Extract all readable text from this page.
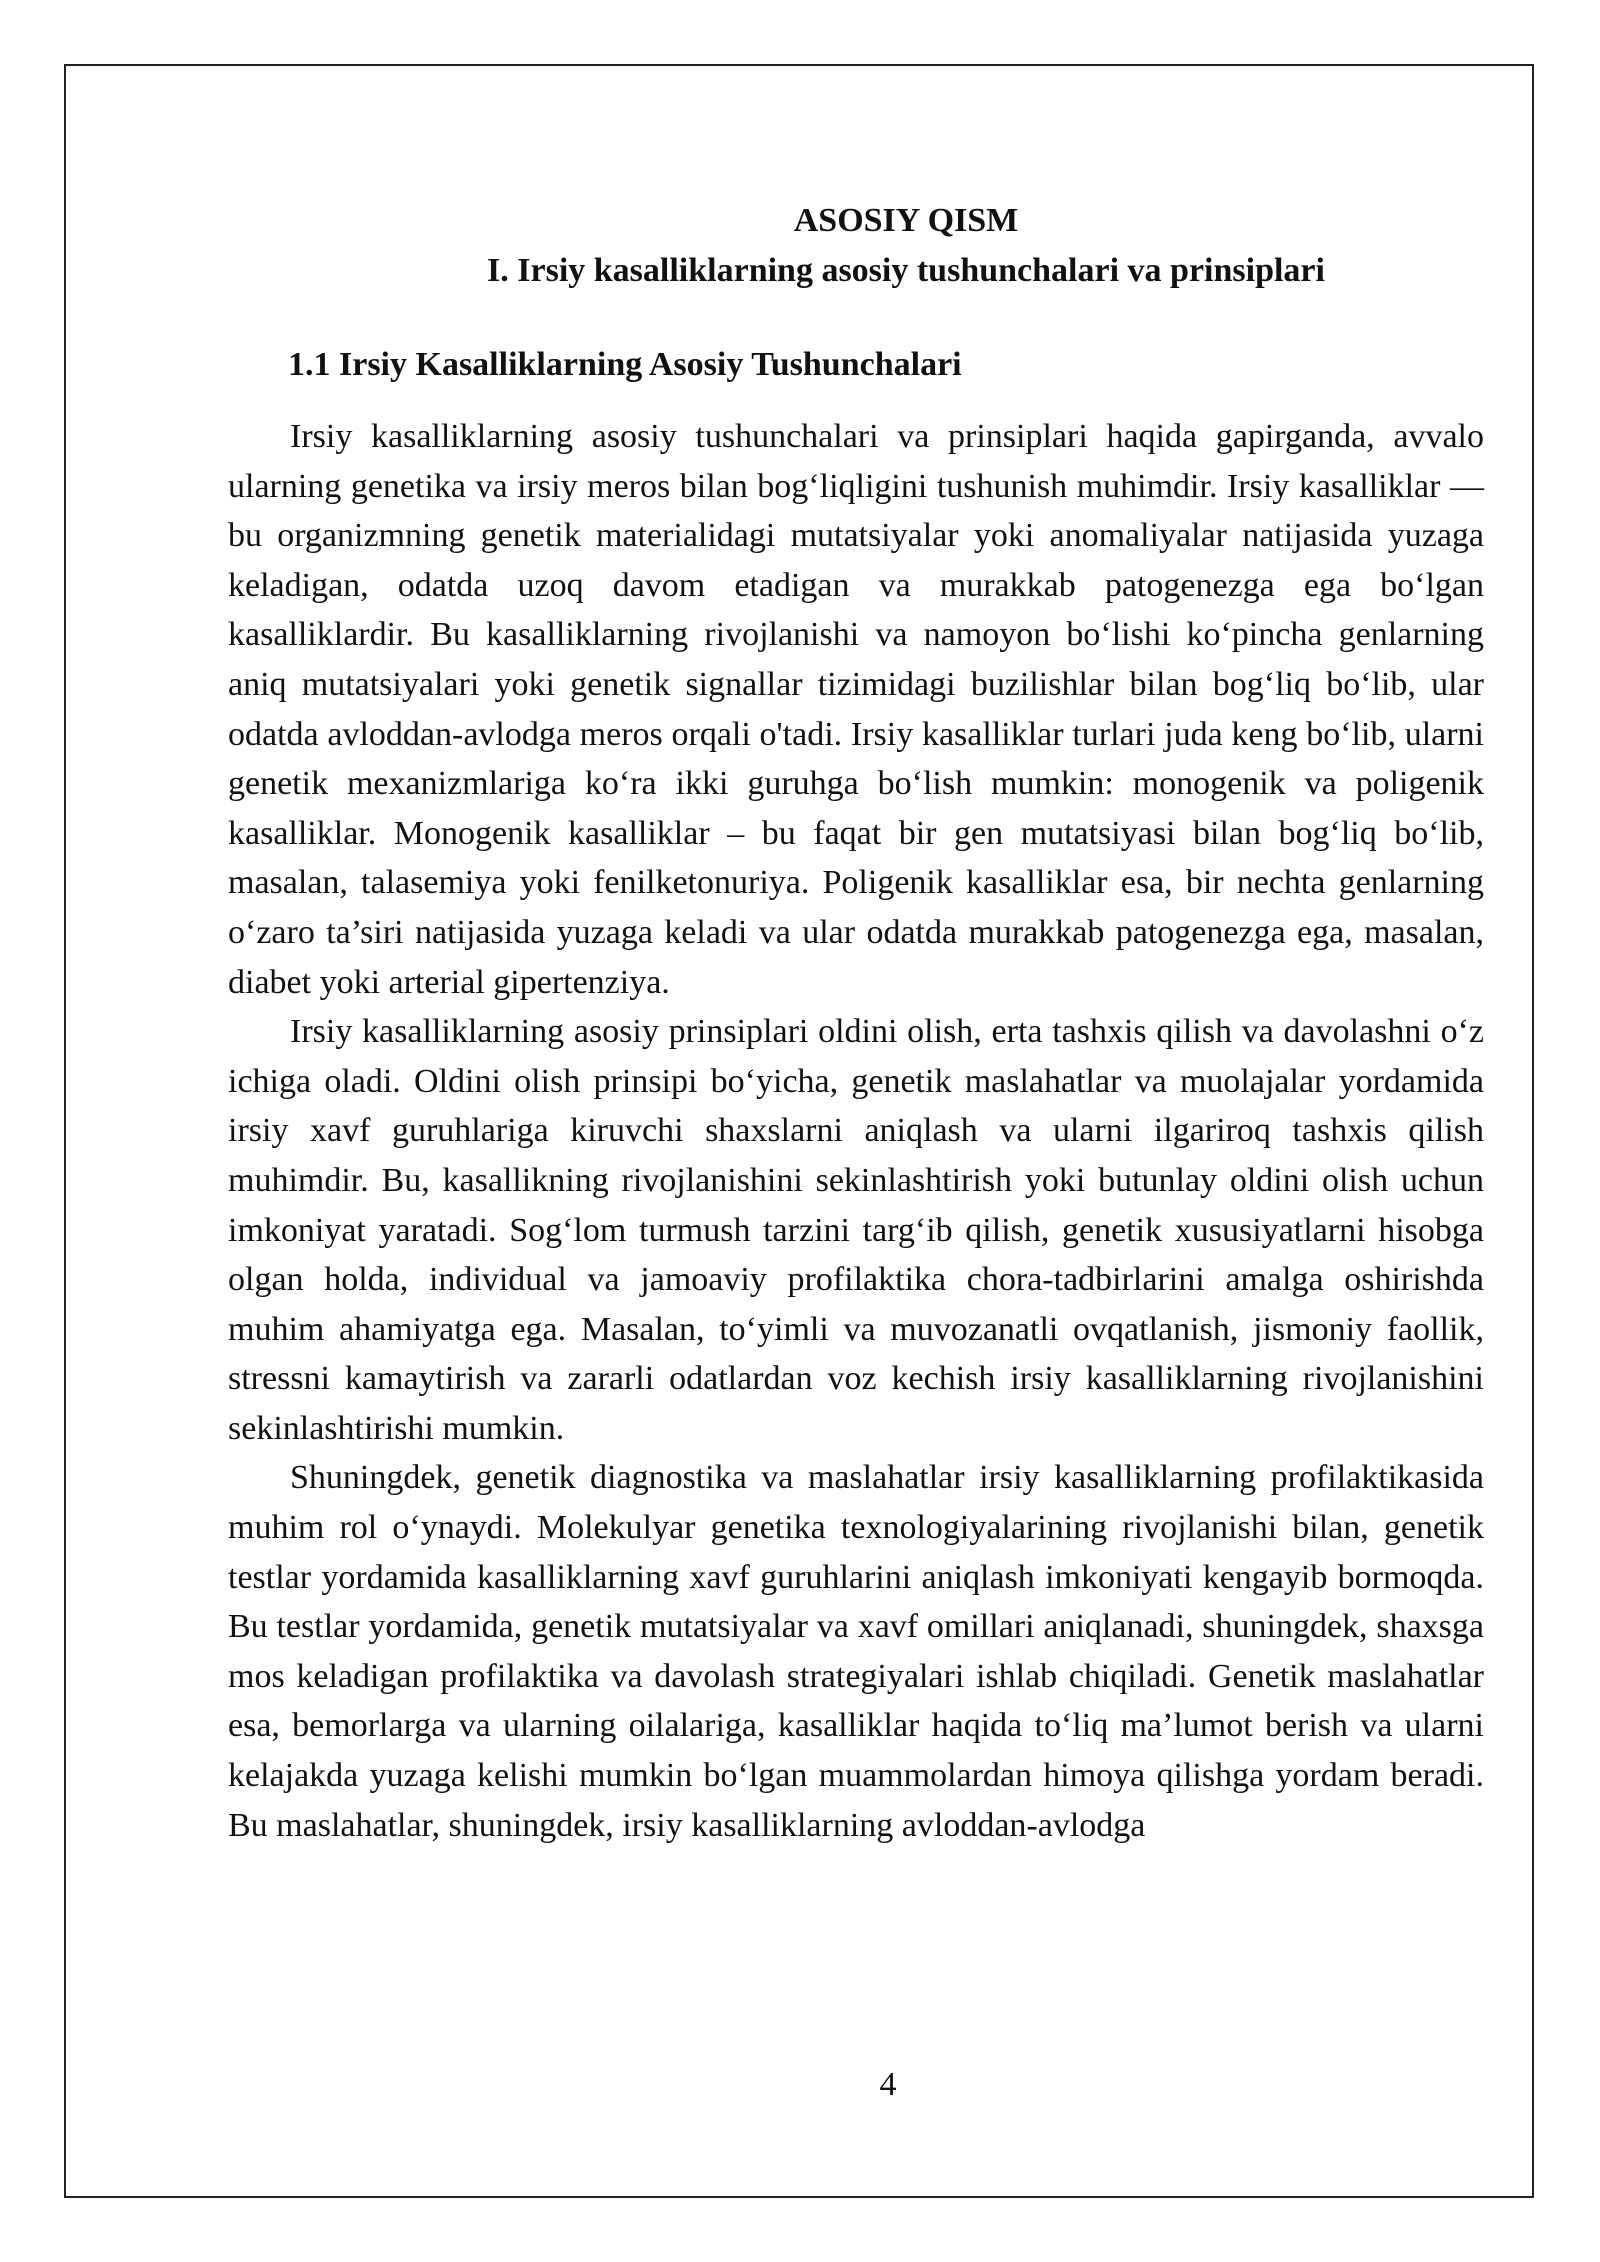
ASOSIY QISM
I. Irsiy kasalliklarning asosiy tushunchalari va prinsiplari
1.1 Irsiy Kasalliklarning Asosiy Tushunchalari

Irsiy kasalliklarning asosiy tushunchalari va prinsiplari haqida gapirganda, avvalo ularning genetika va irsiy meros bilan bog‘liqligini tushunish muhimdir. Irsiy kasalliklar — bu organizmning genetik materialidagi mutatsiyalar yoki anomaliyalar natijasida yuzaga keladigan, odatda uzoq davom etadigan va murakkab patogenezga ega bo‘lgan kasalliklardir. Bu kasalliklarning rivojlanishi va namoyon bo‘lishi ko‘pincha genlarning aniq mutatsiyalari yoki genetik signallar tizimidagi buzilishlar bilan bog‘liq bo‘lib, ular odatda avloddan-avlodga meros orqali o'tadi. Irsiy kasalliklar turlari juda keng bo‘lib, ularni genetik mexanizmlariga ko‘ra ikki guruhga bo‘lish mumkin: monogenik va poligenik kasalliklar. Monogenik kasalliklar – bu faqat bir gen mutatsiyasi bilan bog‘liq bo‘lib, masalan, talasemiya yoki fenilketonuriya. Poligenik kasalliklar esa, bir nechta genlarning o‘zaro ta’siri natijasida yuzaga keladi va ular odatda murakkab patogenezga ega, masalan, diabet yoki arterial gipertenziya.

Irsiy kasalliklarning asosiy prinsiplari oldini olish, erta tashxis qilish va davolashni o‘z ichiga oladi. Oldini olish prinsipi bo‘yicha, genetik maslahatlar va muolajalar yordamida irsiy xavf guruhlariga kiruvchi shaxslarni aniqlash va ularni ilgariroq tashxis qilish muhimdir. Bu, kasallikning rivojlanishini sekinlashtirish yoki butunlay oldini olish uchun imkoniyat yaratadi. Sog‘lom turmush tarzini targ‘ib qilish, genetik xususiyatlarni hisobga olgan holda, individual va jamoaviy profilaktika chora-tadbirlarini amalga oshirishda muhim ahamiyatga ega. Masalan, to‘yimli va muvozanatli ovqatlanish, jismoniy faollik, stressni kamaytirish va zararli odatlardan voz kechish irsiy kasalliklarning rivojlanishini sekinlashtirishi mumkin.

Shuningdek, genetik diagnostika va maslahatlar irsiy kasalliklarning profilaktikasida muhim rol o‘ynaydi. Molekulyar genetika texnologiyalarining rivojlanishi bilan, genetik testlar yordamida kasalliklarning xavf guruhlarini aniqlash imkoniyati kengayib bormoqda. Bu testlar yordamida, genetik mutatsiyalar va xavf omillari aniqlanadi, shuningdek, shaxsga mos keladigan profilaktika va davolash strategiyalari ishlab chiqiladi. Genetik maslahatlar esa, bemorlarga va ularning oilalariga, kasalliklar haqida to‘liq ma’lumot berish va ularni kelajakda yuzaga kelishi mumkin bo‘lgan muammolardan himoya qilishga yordam beradi. Bu maslahatlar, shuningdek, irsiy kasalliklarning avloddan-avlodga

4
